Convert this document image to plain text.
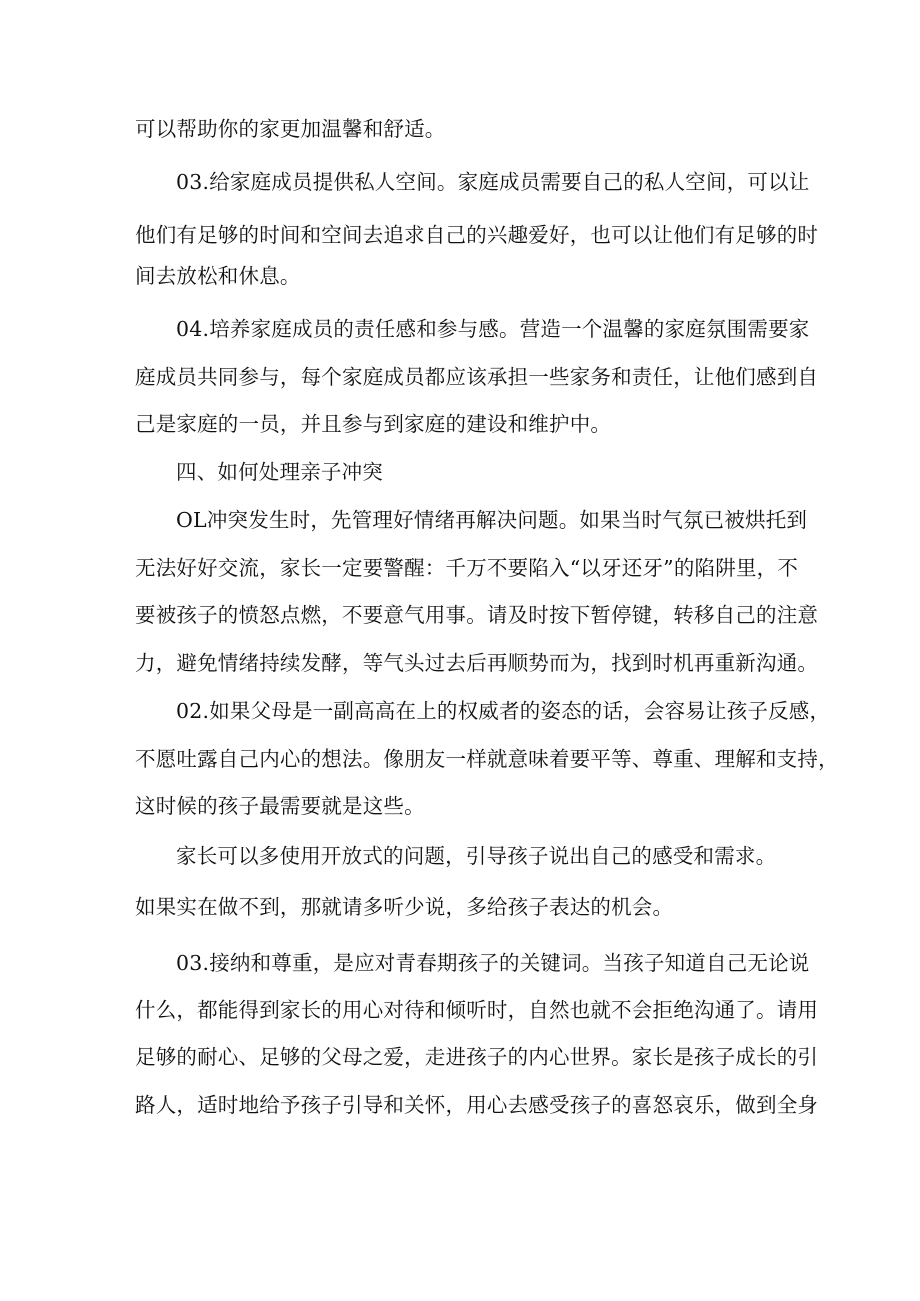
可以帮助你的家更加温馨和舒适。
03.给家庭成员提供私人空间。家庭成员需要自己的私人空间，可以让
他们有足够的时间和空间去追求自己的兴趣爱好，也可以让他们有足够的时
间去放松和休息。
04.培养家庭成员的责任感和参与感。营造一个温馨的家庭氛围需要家
庭成员共同参与，每个家庭成员都应该承担一些家务和责任，让他们感到自
己是家庭的一员，并且参与到家庭的建设和维护中。
四、如何处理亲子冲突
OL冲突发生时，先管理好情绪再解决问题。如果当时气氛已被烘托到
无法好好交流，家长一定要警醒：千万不要陷入“以牙还牙”的陷阱里，不
要被孩子的愤怒点燃，不要意气用事。请及时按下暂停键，转移自己的注意
力，避免情绪持续发酵，等气头过去后再顺势而为，找到时机再重新沟通。
02.如果父母是一副高高在上的权威者的姿态的话，会容易让孩子反感，
不愿吐露自己内心的想法。像朋友一样就意味着要平等、尊重、理解和支持，
这时候的孩子最需要就是这些。
家长可以多使用开放式的问题，引导孩子说出自己的感受和需求。
如果实在做不到，那就请多听少说，多给孩子表达的机会。
03.接纳和尊重，是应对青春期孩子的关键词。当孩子知道自己无论说
什么，都能得到家长的用心对待和倾听时，自然也就不会拒绝沟通了。请用
足够的耐心、足够的父母之爱，走进孩子的内心世界。家长是孩子成长的引
路人，适时地给予孩子引导和关怀，用心去感受孩子的喜怒哀乐，做到全身
